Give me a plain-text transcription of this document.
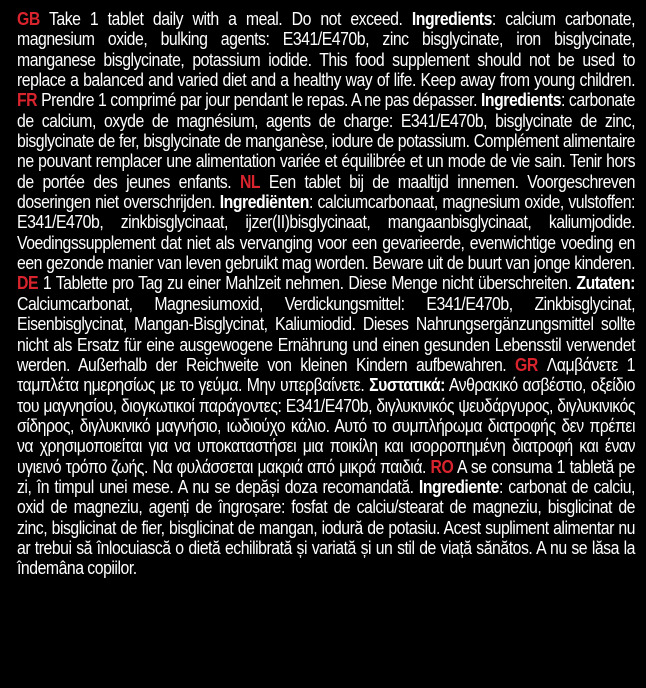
GB Take 1 tablet daily with a meal. Do not exceed. Ingredients: calcium carbonate, magnesium oxide, bulking agents: E341/E470b, zinc bisglycinate, iron bisglycinate, manganese bisglycinate, potassium iodide. This food supplement should not be used to replace a balanced and varied diet and a healthy way of life. Keep away from young children. FR Prendre 1 comprimé par jour pendant le repas. A ne pas dépasser. Ingredients: carbonate de calcium, oxyde de magnésium, agents de charge: E341/E470b, bisglycinate de zinc, bisglycinate de fer, bisglycinate de manganèse, iodure de potassium. Complément alimentaire ne pouvant remplacer une alimentation variée et équilibrée et un mode de vie sain. Tenir hors de portée des jeunes enfants. NL Een tablet bij de maaltijd innemen. Voorgeschreven doseringen niet overschrijden. Ingrediënten: calciumcarbonaat, magnesium oxide, vulstoffen: E341/E470b, zinkbisglycinaat, ijzer(II)bisglycinaat, mangaanbisglycinaat, kaliumjodide. Voedingssupplement dat niet als vervanging voor een gevarieerde, evenwichtige voeding en een gezonde manier van leven gebruikt mag worden. Beware uit de buurt van jonge kinderen. DE 1 Tablette pro Tag zu einer Mahlzeit nehmen. Diese Menge nicht überschreiten. Zutaten: Calciumcarbonat, Magnesiumoxid, Verdickungsmittel: E341/E470b, Zinkbisglycinat, Eisenbisglycinat, Mangan-Bisglycinat, Kaliumiodid. Dieses Nahrungsergänzungsmittel sollte nicht als Ersatz für eine ausgewogene Ernährung und einen gesunden Lebensstil verwendet werden. Außerhalb der Reichweite von kleinen Kindern aufbewahren. GR Λαμβάνετε 1 ταμπλέτα ημερησίως με το γεύμα. Μην υπερβαίνετε. Συστατικά: Ανθρακικό ασβέστιο, οξείδιο του μαγνησίου, διογκωτικοί παράγοντες: E341/E470b, διγλυκινικός ψευδάργυρος, διγλυκινικός σίδηρος, διγλυκινικό μαγνήσιο, ιωδιούχο κάλιο. Αυτό το συμπλήρωμα διατροφής δεν πρέπει να χρησιμοποιείται για να υποκαταστήσει μια ποικίλη και ισορροπημένη διατροφή και έναν υγιεινό τρόπο ζωής. Να φυλάσσεται μακριά από μικρά παιδιά. RO A se consuma 1 tabletă pe zi, în timpul unei mese. A nu se depăși doza recomandată. Ingrediente: carbonat de calciu, oxid de magneziu, agenți de îngroșare: fosfat de calciu/stearat de magneziu, bisglicinat de zinc, bisglicinat de fier, bisglicinat de mangan, iodură de potasiu. Acest supliment alimentar nu ar trebui să înlocuiască o dietă echilibrată și variată și un stil de viață sănătos. A nu se lăsa la îndemâna copiilor.
